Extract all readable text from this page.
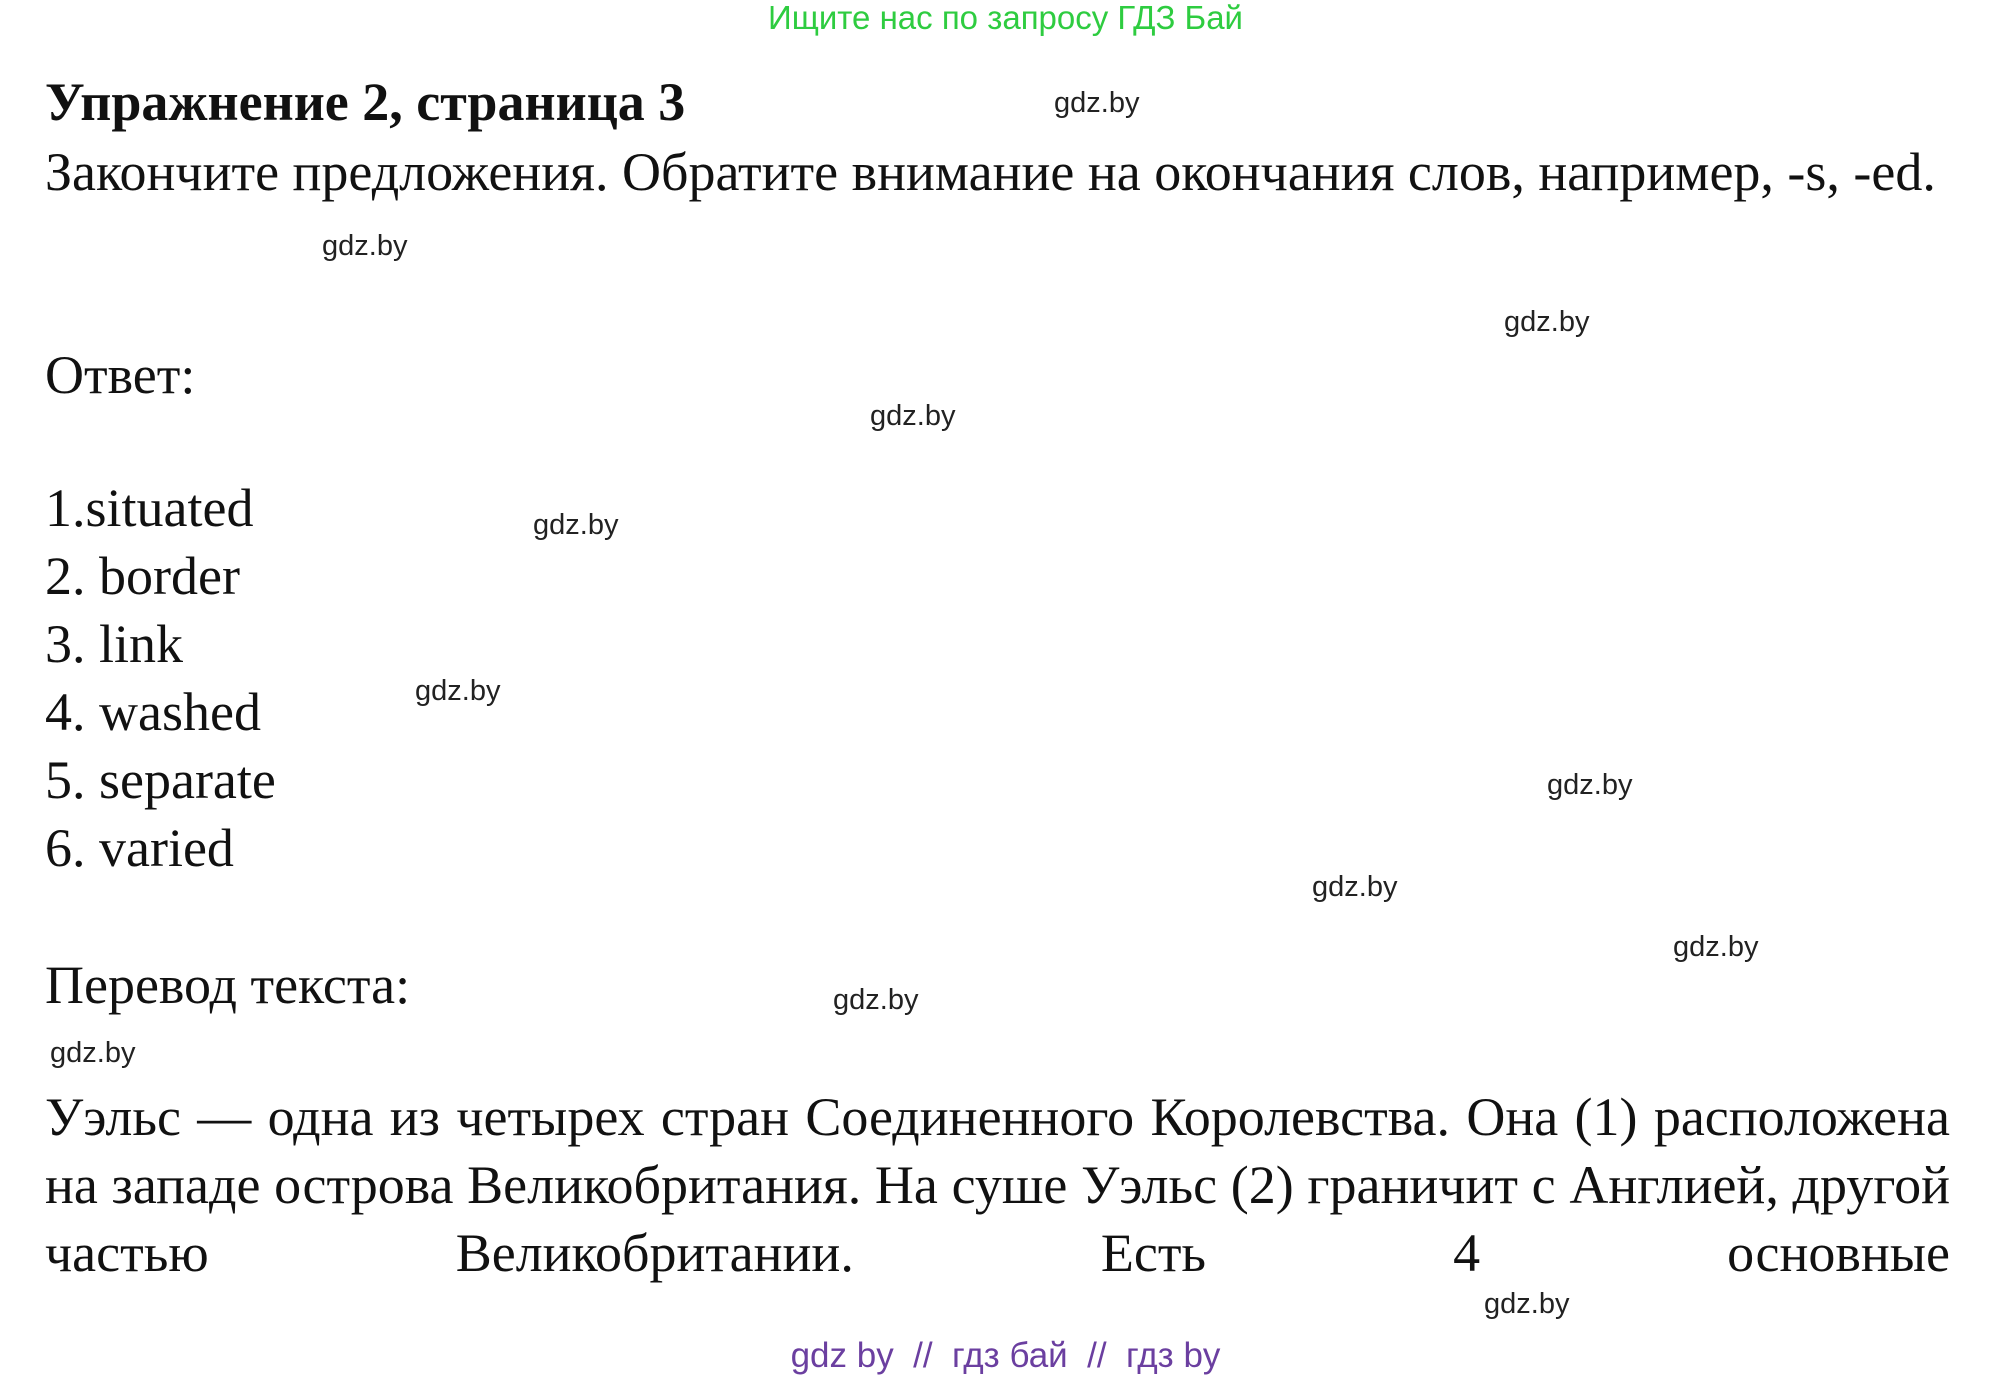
Ищите нас по запросу ГДЗ Бай
Упражнение 2, страница 3

Закончите предложения. Обратите внимание на окончания слов, например, -s, -ed.

Ответ:
1.situated
2. border
3. link
4. washed
5. separate
6. varied
Перевод текста:

Уэльс — одна из четырех стран Соединенного Королевства. Она (1) расположена на западе острова Великобритания. На суше Уэльс (2) граничит с Англией, другой частью Великобритании. Есть 4 основные

gdz.by
gdz.by
gdz.by
gdz.by
gdz.by
gdz.by
gdz.by
gdz.by
gdz.by
gdz.by
gdz.by
gdz.by
gdz by  //  гдз бай  //  гдз by
